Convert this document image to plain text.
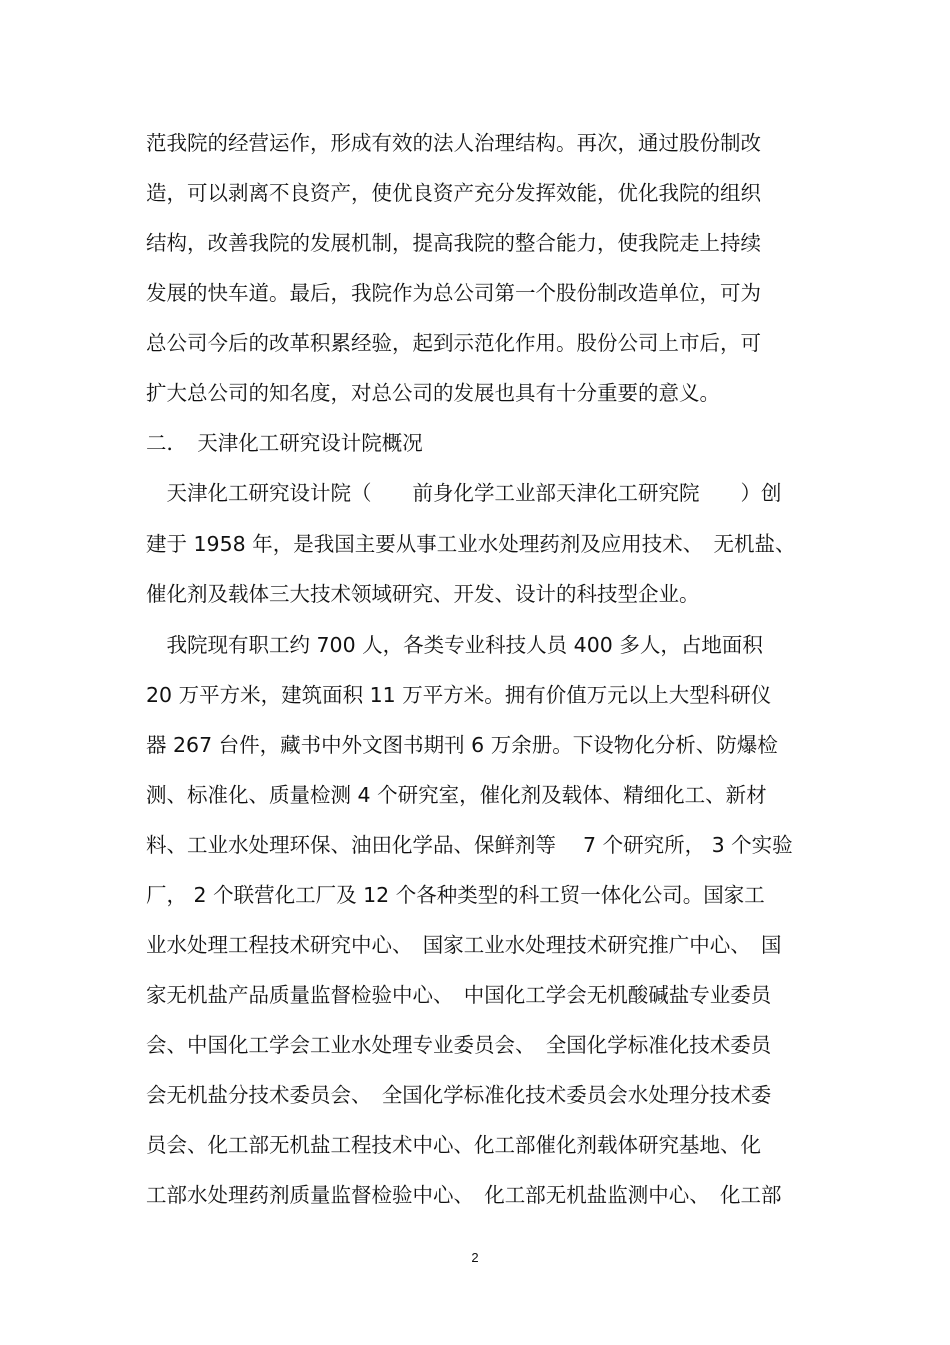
范我院的经营运作，形成有效的法人治理结构。再次，通过股份制改

造，可以剥离不良资产，使优良资产充分发挥效能，优化我院的组织

结构，改善我院的发展机制，提高我院的整合能力，使我院走上持续

发展的快车道。最后，我院作为总公司第一个股份制改造单位，可为

总公司今后的改革积累经验，起到示范化作用。股份公司上市后，可

扩大总公司的知名度，对总公司的发展也具有十分重要的意义。

二．　天津化工研究设计院概况

　天津化工研究设计院（　　前身化学工业部天津化工研究院　　）创

建于 1958 年，是我国主要从事工业水处理药剂及应用技术、　无机盐、

催化剂及载体三大技术领域研究、开发、设计的科技型企业。

　我院现有职工约 700 人，各类专业科技人员 400 多人，占地面积

20 万平方米，建筑面积 11 万平方米。拥有价值万元以上大型科研仪

器 267 台件，藏书中外文图书期刊 6 万余册。下设物化分析、防爆检

测、标准化、质量检测 4 个研究室，催化剂及载体、精细化工、新材

料、工业水处理环保、油田化学品、保鲜剂等　 7 个研究所， 3 个实验

厂， 2 个联营化工厂及 12 个各种类型的科工贸一体化公司。国家工

业水处理工程技术研究中心、　国家工业水处理技术研究推广中心、　国

家无机盐产品质量监督检验中心、　中国化工学会无机酸碱盐专业委员

会、中国化工学会工业水处理专业委员会、　全国化学标准化技术委员

会无机盐分技术委员会、　全国化学标准化技术委员会水处理分技术委

员会、化工部无机盐工程技术中心、化工部催化剂载体研究基地、化

工部水处理药剂质量监督检验中心、　化工部无机盐监测中心、　化工部

2
